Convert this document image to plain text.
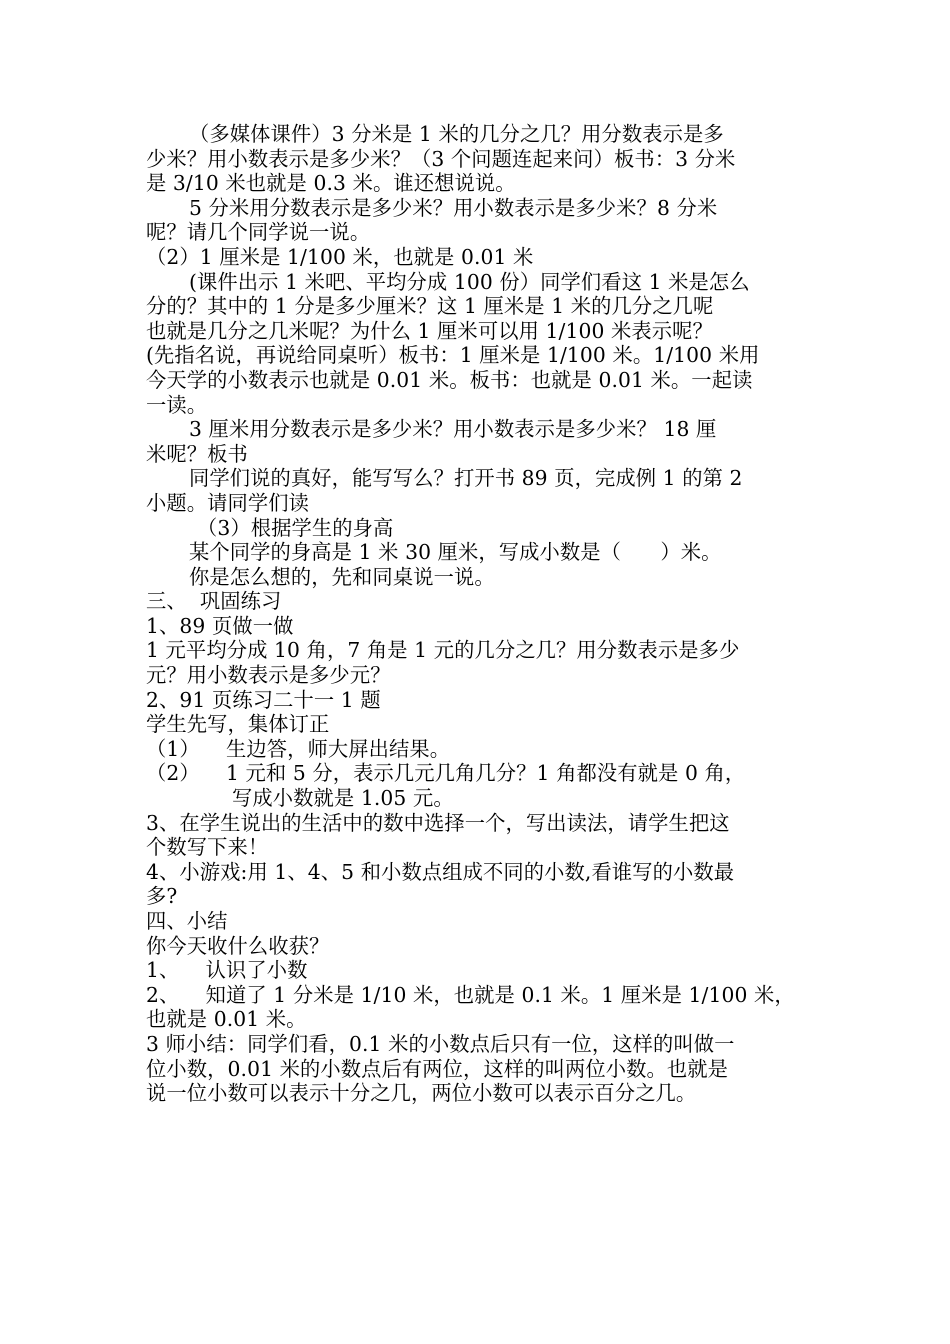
（多媒体课件）3 分米是 1 米的几分之几？用分数表示是多
少米？用小数表示是多少米？（3 个问题连起来问）板书：3 分米
是 3/10 米也就是 0.3 米。谁还想说说。
5 分米用分数表示是多少米？用小数表示是多少米？8 分米
呢？请几个同学说一说。
（2）1 厘米是 1/100 米，也就是 0.01 米
(课件出示 1 米吧、平均分成 100 份）同学们看这 1 米是怎么
分的？其中的 1 分是多少厘米？这 1 厘米是 1 米的几分之几呢
也就是几分之几米呢？为什么 1 厘米可以用 1/100 米表示呢？
(先指名说，再说给同桌听）板书：1 厘米是 1/100 米。1/100 米用
今天学的小数表示也就是 0.01 米。板书：也就是 0.01 米。一起读
一读。
3 厘米用分数表示是多少米？用小数表示是多少米？ 18 厘
米呢？板书
同学们说的真好，能写写么？打开书 89 页，完成例 1 的第 2
小题。请同学们读
（3）根据学生的身高
某个同学的身高是 1 米 30 厘米，写成小数是（      ）米。
你是怎么想的，先和同桌说一说。
三、  巩固练习
1、89 页做一做
1 元平均分成 10 角，7 角是 1 元的几分之几？用分数表示是多少
元？用小数表示是多少元？
2、91 页练习二十一 1 题
学生先写，集体订正
（1）    生边答，师大屏出结果。
（2）    1 元和 5 分，表示几元几角几分？1 角都没有就是 0 角，
写成小数就是 1.05 元。
3、在学生说出的生活中的数中选择一个，写出读法，请学生把这
个数写下来！
4、小游戏:用 1、4、5 和小数点组成不同的小数,看谁写的小数最
多?
四、小结
你今天收什么收获？
1、    认识了小数
2、    知道了 1 分米是 1/10 米，也就是 0.1 米。1 厘米是 1/100 米，
也就是 0.01 米。
3 师小结：同学们看，0.1 米的小数点后只有一位，这样的叫做一
位小数，0.01 米的小数点后有两位，这样的叫两位小数。也就是
说一位小数可以表示十分之几，两位小数可以表示百分之几。
